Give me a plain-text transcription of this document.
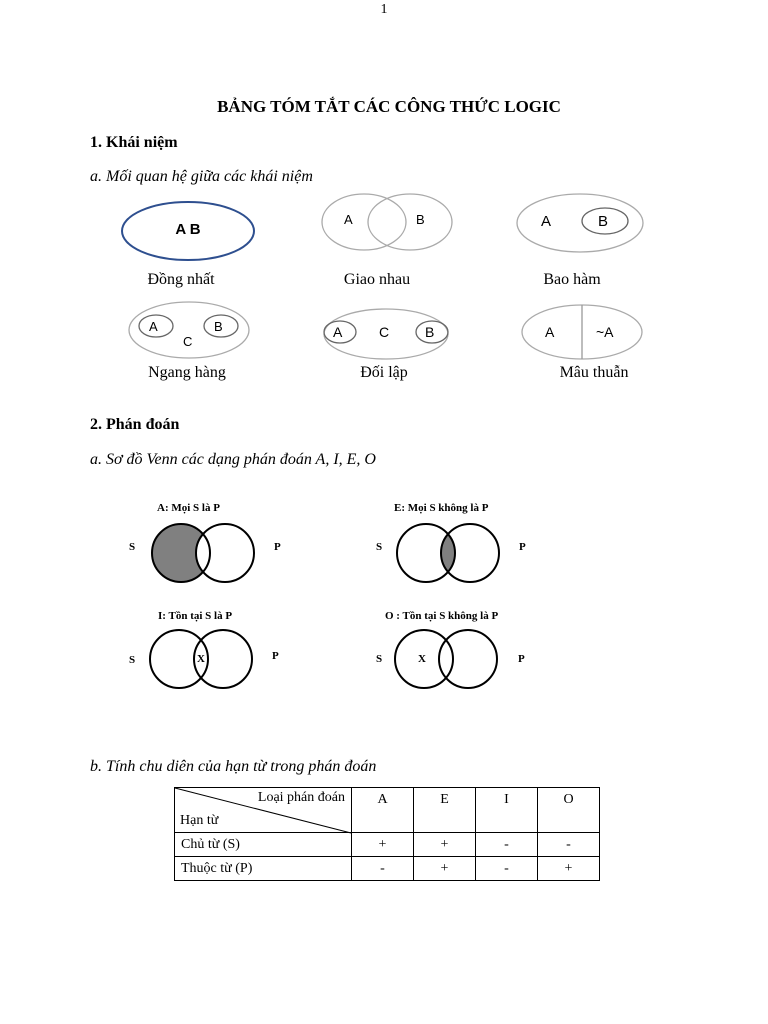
1
BẢNG TÓM TẮT CÁC CÔNG THỨC LOGIC
1. Khái niệm
a. Mối quan hệ giữa các khái niệm
A B
A	B	A	B
Đồng nhất	Giao nhau	Bao hàm
A
C
B	A	C	B	A	~A
Ngang hàng	Đối lập	Mâu thuẫn
2. Phán đoán
a. Sơ đồ Venn các dạng phán đoán A, I, E, O
A: Mọi S là P
S	P
E: Mọi S không là P
S	P
I: Tồn tại S là P
S	P
X
O : Tồn tại S không là P
S	P
X
b. Tính chu diên của hạn từ trong phán đoán
Loại phán đoán
Hạn từ	A	E	I	O
Chủ từ (S)	+	+	-	-
Thuộc từ (P)	-	+	-	+
